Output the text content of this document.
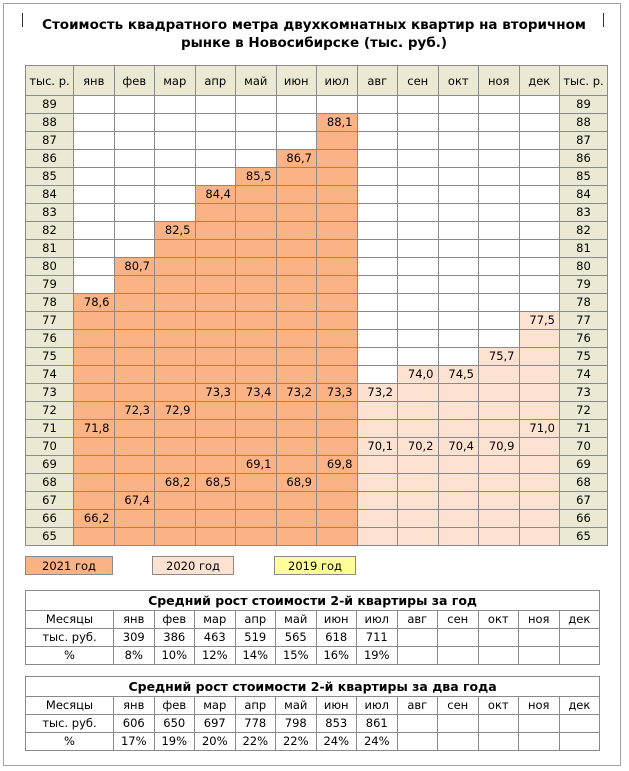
Стоимость квадратного метра двухкомнатных квартир на вторичном рынке в Новосибирске (тыс. руб.)
тыс. р.	янв	фев	мар	апр	май	июн	июл	авг	сен	окт	ноя	дек	тыс. р.
89													89
88							88,1						88
87													87
86						86,7							86
85					85,5								85
84				84,4									84
83													83
82			82,5										82
81													81
80		80,7											80
79													79
78	78,6												78
77												77,5	77
76													76
75											75,7		75
74									74,0	74,5			74
73				73,3	73,4	73,2	73,3	73,2					73
72		72,3	72,9										72
71	71,8											71,0	71
70								70,1	70,2	70,4	70,9		70
69					69,1		69,8						69
68			68,2	68,5		68,9							68
67		67,4											67
66	66,2												66
65													65
2021 год	2020 год	2019 год
Средний рост стоимости 2-й квартиры за год												
Месяцы	янв	фев	мар	апр	май	июн	июл	авг	сен	окт	ноя	дек
тыс. руб.	309	386	463	519	565	618	711					
%	8%	10%	12%	14%	15%	16%	19%					
Средний рост стоимости 2-й квартиры за два года												
Месяцы	янв	фев	мар	апр	май	июн	июл	авг	сен	окт	ноя	дек
тыс. руб.	606	650	697	778	798	853	861					
%	17%	19%	20%	22%	22%	24%	24%					
